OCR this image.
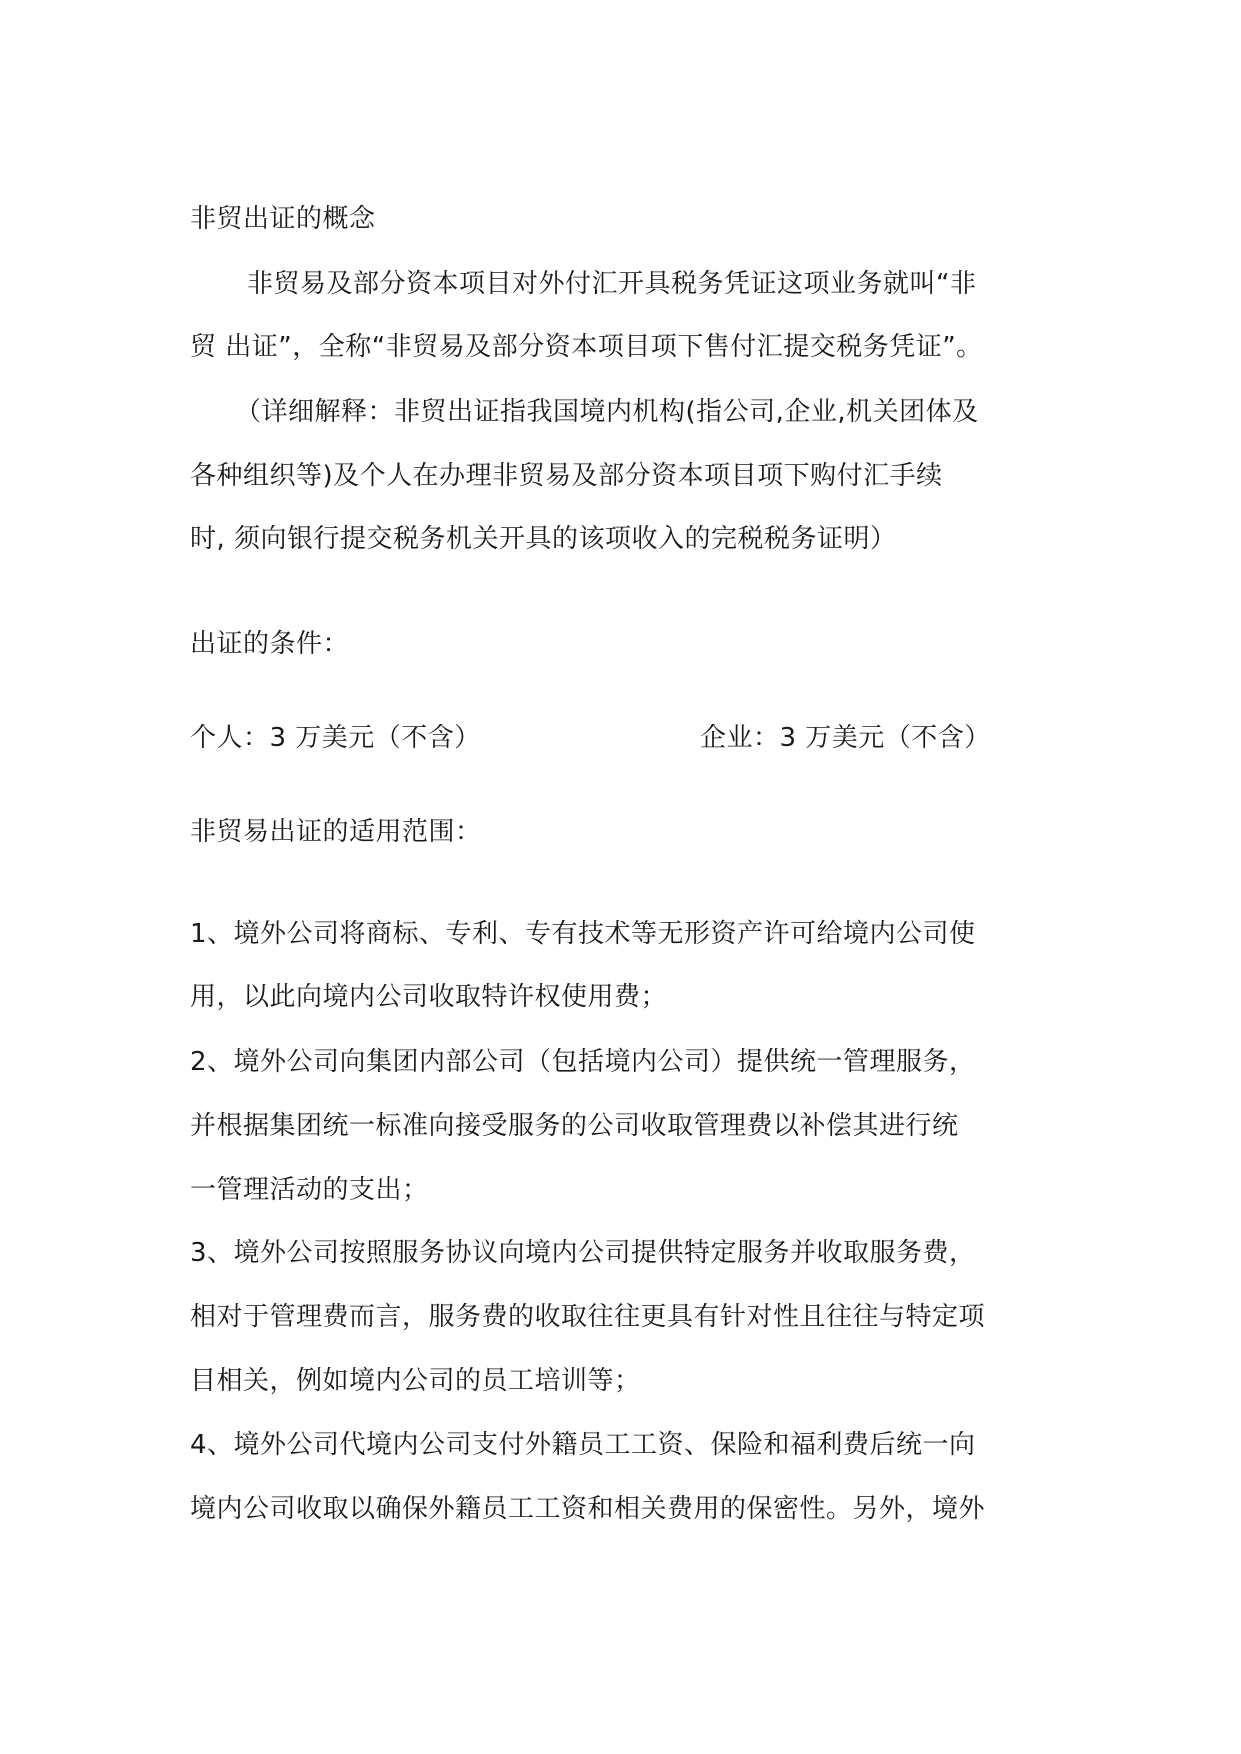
非贸出证的概念
非贸易及部分资本项目对外付汇开具税务凭证这项业务就叫“非
贸 出证”，全称“非贸易及部分资本项目项下售付汇提交税务凭证”。
（详细解释：非贸出证指我国境内机构(指公司,企业,机关团体及
各种组织等)及个人在办理非贸易及部分资本项目项下购付汇手续
时, 须向银行提交税务机关开具的该项收入的完税税务证明）
出证的条件：
个人：3 万美元（不含）	企业：3 万美元（不含）
非贸易出证的适用范围：
1、境外公司将商标、专利、专有技术等无形资产许可给境内公司使
用，以此向境内公司收取特许权使用费；
2、境外公司向集团内部公司（包括境内公司）提供统一管理服务，
并根据集团统一标准向接受服务的公司收取管理费以补偿其进行统
一管理活动的支出；
3、境外公司按照服务协议向境内公司提供特定服务并收取服务费，
相对于管理费而言，服务费的收取往往更具有针对性且往往与特定项
目相关，例如境内公司的员工培训等；
4、境外公司代境内公司支付外籍员工工资、保险和福利费后统一向
境内公司收取以确保外籍员工工资和相关费用的保密性。另外，境外
